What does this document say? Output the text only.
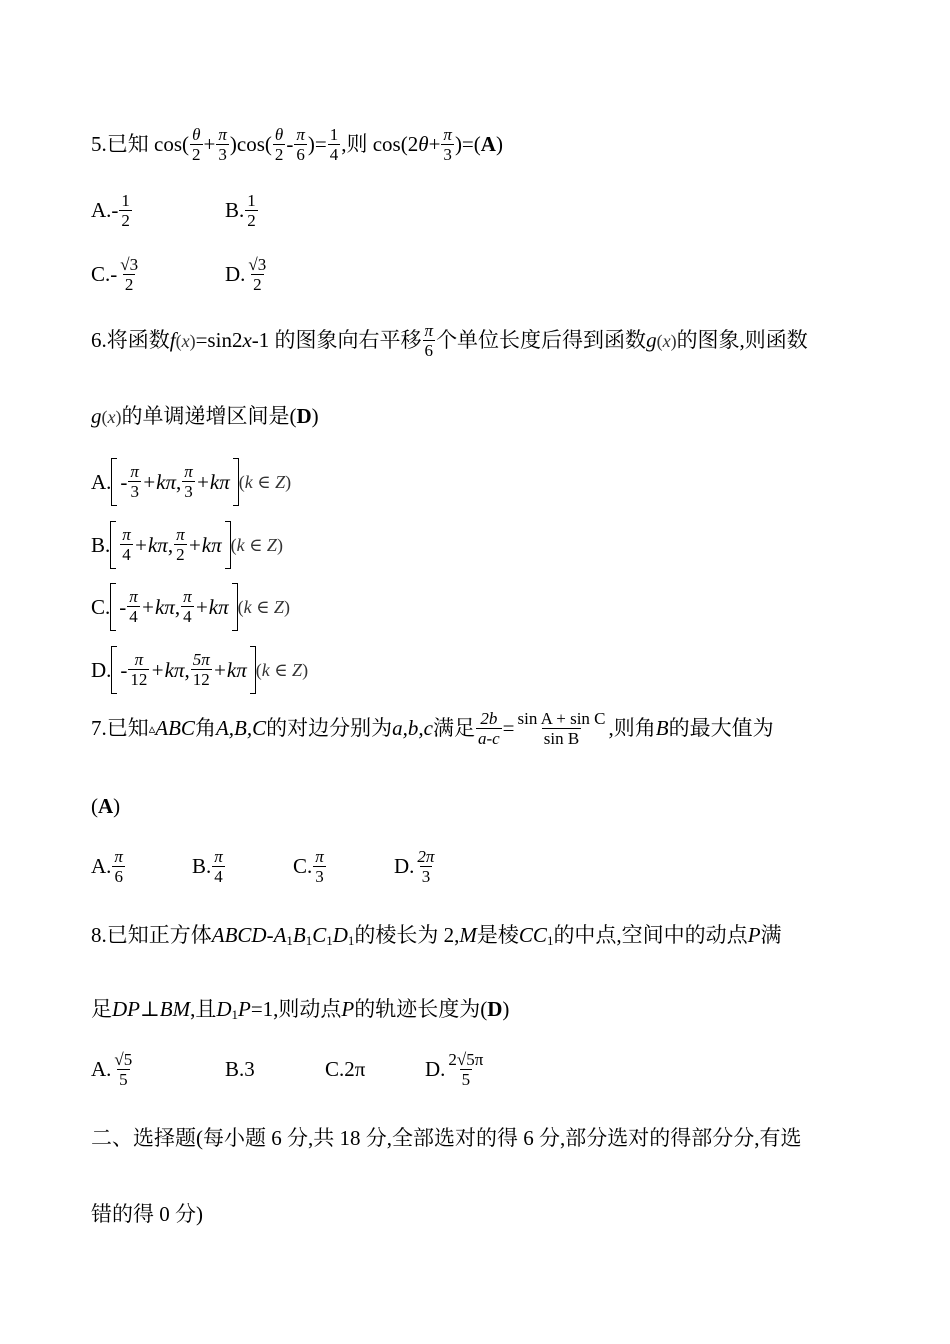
5.已知 $\cos( \frac{\theta}{2} + \frac{\pi}{3} )\cos( \frac{\theta}{2} - \frac{\pi}{6}$ )= $\frac{1}{4}$ ,则 cos(2 $\theta + \frac{\pi}{3}$ )=( A )
$A.- \frac{1}{2}$	B. $\frac{1}{2}$
$C.- \frac{√3}{2}$	D. $\frac{√3}{2}$
6.将函数 f ( x ) =sin2 x -1 的图象向右平移 $\frac{\pi}{6}$ 个单位长度后得到函数 g ( x ) 的图象,则函数
g ( x ) 的单调递增区间是( D )
A. - $\frac{\pi}{3} +k\pi$ , $\frac{\pi}{3} +k\pi$ ( k ∈ Z )
B. $\frac{\pi}{4} +k\pi$ , $\frac{\pi}{2} +k\pi$ ( k ∈ Z )
C. - $\frac{\pi}{4} +k\pi$ , $\frac{\pi}{4} +k\pi$ ( k ∈ Z )
D. - $\frac{\pi}{12} +k\pi$ , $\frac{5\pi}{12} +k\pi$ ( k ∈ Z )
7.已知 ▵ ABC 角 A,B,C 的对边分别为 a,b,c 满足 $\frac{2b}{a-c} = \frac{\text{sin A + sin C}}{\text{sin B}}$ ,则角 B 的最大值为
( A )
A. $\frac{\pi}{6}$	B. $\frac{\pi}{4}$	C. $\frac{\pi}{3}$	D. $\frac{2\pi}{3}$
8.已知正方体 ABCD-A 1 B 1 C 1 D 1 的棱长为 2, M 是棱 CC 1 的中点,空间中的动点 P 满
足 DP ⊥ BM ,且 D 1 P =1,则动点 P 的轨迹长度为( D )
A. $\frac{√5}{5}$	B.3	C.2π	D. $\frac{2√5\pi}{5}$
二、选择题(每小题 6 分,共 18 分,全部选对的得 6 分,部分选对的得部分分,有选
错的得 0 分)
